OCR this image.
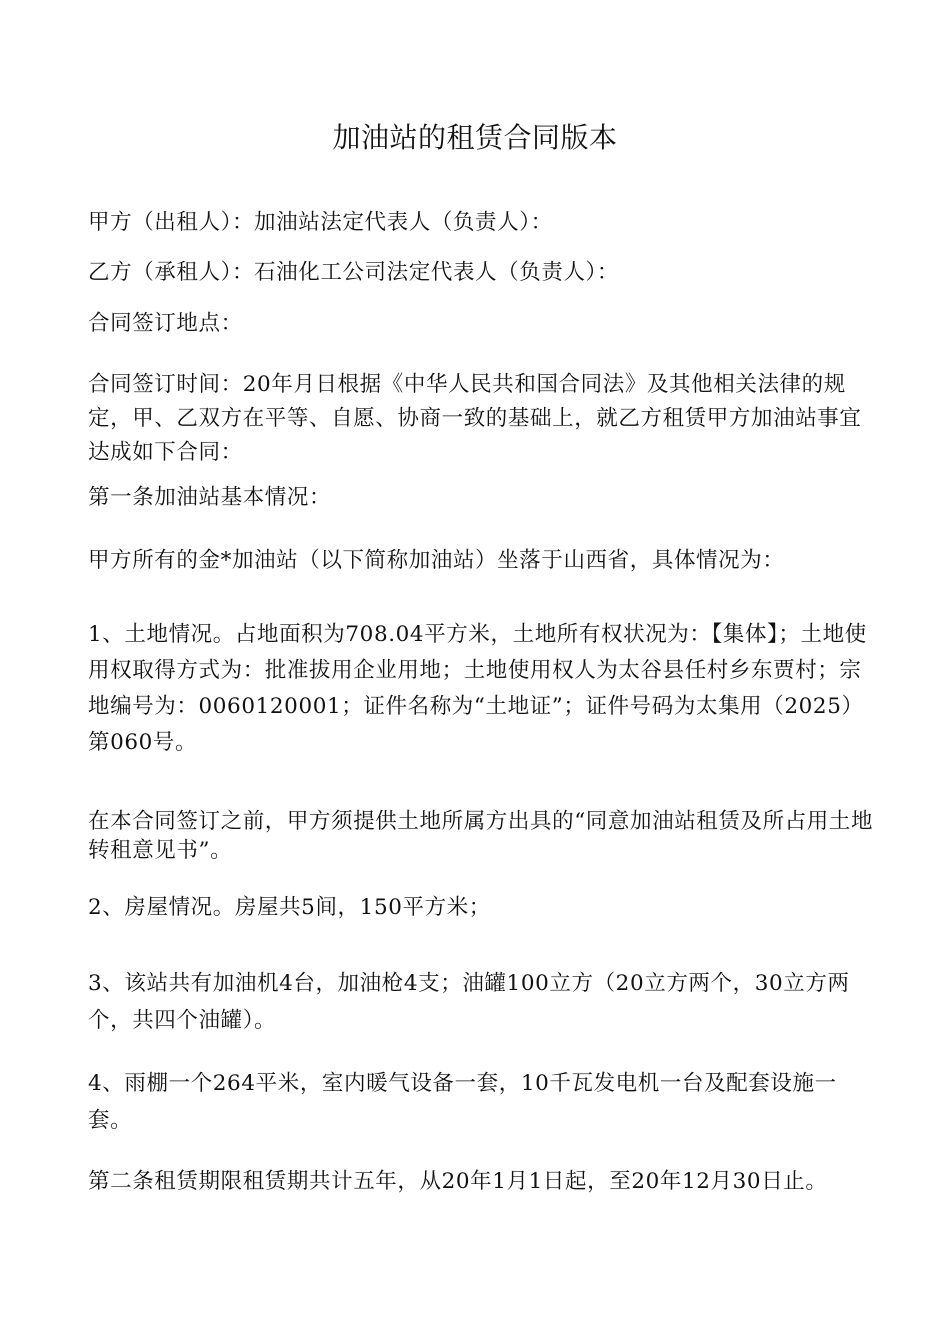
加油站的租赁合同版本
甲方（出租人）：加油站法定代表人（负责人）：
乙方（承租人）：石油化工公司法定代表人（负责人）：
合同签订地点：
合同签订时间：20年月日根据《中华人民共和国合同法》及其他相关法律的规定，甲、乙双方在平等、自愿、协商一致的基础上，就乙方租赁甲方加油站事宜达成如下合同：
第一条加油站基本情况：
甲方所有的金*加油站（以下简称加油站）坐落于山西省，具体情况为：
1、土地情况。占地面积为708.04平方米，土地所有权状况为：【集体】；土地使用权取得方式为：批准拔用企业用地；土地使用权人为太谷县任村乡东贾村；宗地编号为：0060120001；证件名称为“土地证”；证件号码为太集用（2025）第060号。
在本合同签订之前，甲方须提供土地所属方出具的“同意加油站租赁及所占用土地转租意见书”。
2、房屋情况。房屋共5间，150平方米；
3、该站共有加油机4台，加油枪4支；油罐100立方（20立方两个，30立方两个，共四个油罐）。
4、雨棚一个264平米，室内暖气设备一套，10千瓦发电机一台及配套设施一套。
第二条租赁期限租赁期共计五年，从20年1月1日起，至20年12月30日止。
